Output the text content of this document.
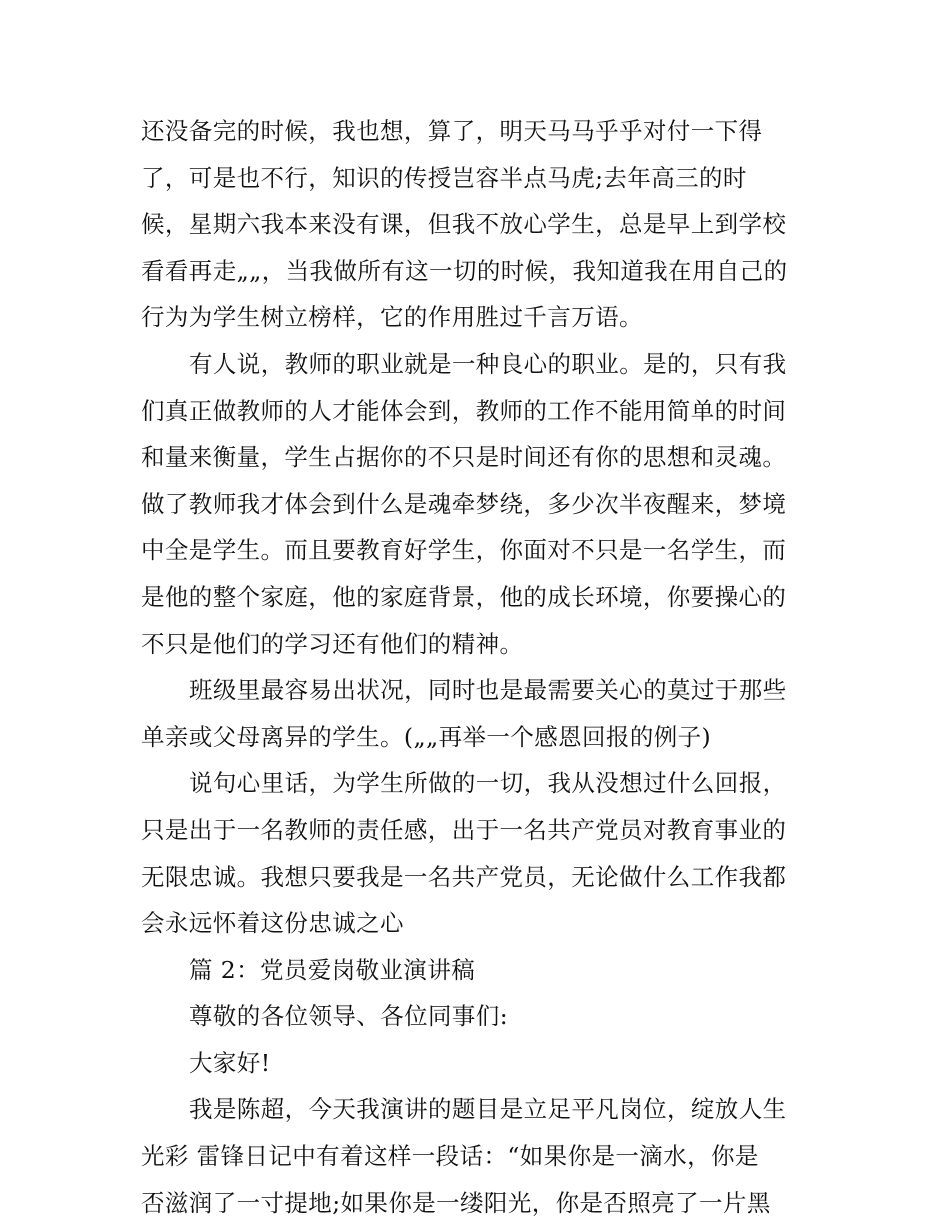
还没备完的时候，我也想，算了，明天马马乎乎对付一下得
了，可是也不行，知识的传授岂容半点马虎;去年高三的时
候，星期六我本来没有课，但我不放心学生，总是早上到学校
看看再走„„，当我做所有这一切的时候，我知道我在用自己的
行为为学生树立榜样，它的作用胜过千言万语。
有人说，教师的职业就是一种良心的职业。是的，只有我
们真正做教师的人才能体会到，教师的工作不能用简单的时间
和量来衡量，学生占据你的不只是时间还有你的思想和灵魂。
做了教师我才体会到什么是魂牵梦绕，多少次半夜醒来，梦境
中全是学生。而且要教育好学生，你面对不只是一名学生，而
是他的整个家庭，他的家庭背景，他的成长环境，你要操心的
不只是他们的学习还有他们的精神。
班级里最容易出状况，同时也是最需要关心的莫过于那些
单亲或父母离异的学生。(„„再举一个感恩回报的例子)
说句心里话，为学生所做的一切，我从没想过什么回报，
只是出于一名教师的责任感，出于一名共产党员对教育事业的
无限忠诚。我想只要我是一名共产党员，无论做什么工作我都
会永远怀着这份忠诚之心
篇 2：党员爱岗敬业演讲稿
尊敬的各位领导、各位同事们:
大家好!
我是陈超，今天我演讲的题目是立足平凡岗位，绽放人生
光彩 雷锋日记中有着这样一段话：“如果你是一滴水，你是
否滋润了一寸提地;如果你是一缕阳光，你是否照亮了一片黑
